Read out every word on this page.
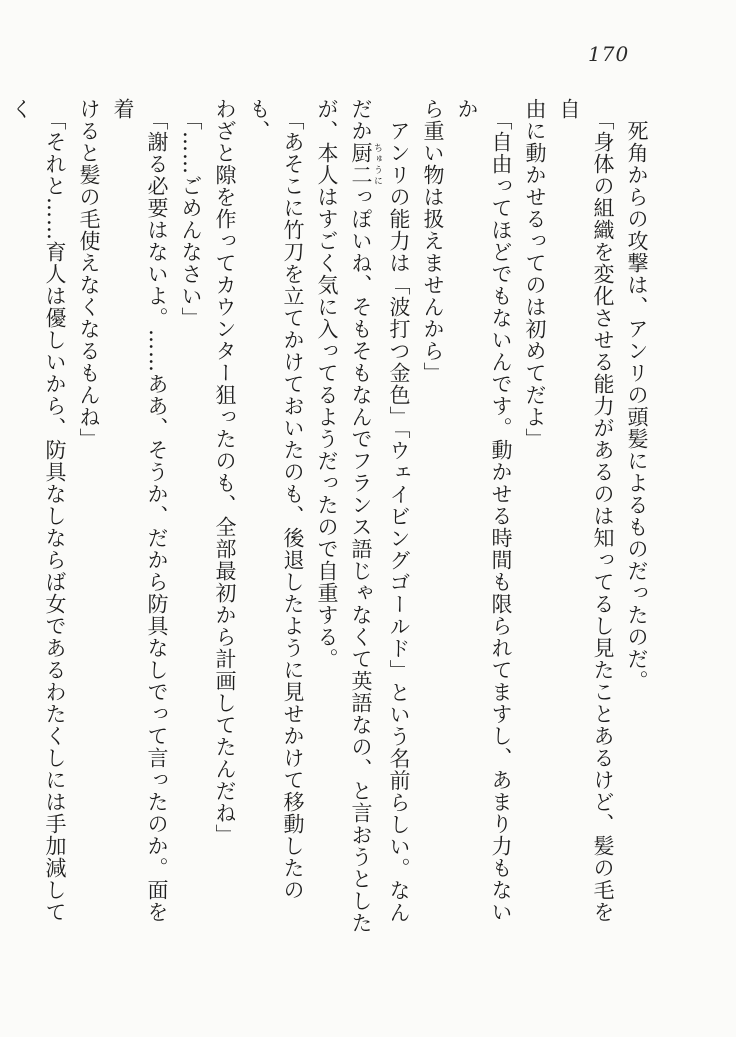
170

死角からの攻撃は、アンリの頭髪によるものだったのだ。

「身体の組織を変化させる能力があるのは知ってるし見たことあるけど、髪の毛を自

由に動かせるってのは初めてだよ」

「自由ってほどでもないんです。動かせる時間も限られてますし、あまり力もないか

ら重い物は扱えませんから」

アンリの能力は「波打つ金色」「ウェイビングゴールド」という名前らしい。なん

だか厨二 ちゅうにっぽいね、そもそもなんでフランス語じゃなくて英語なの、と言おうとした

が、本人はすごく気に入ってるようだったので自重する。

「あそこに竹刀を立てかけておいたのも、後退したように見せかけて移動したのも、

わざと隙を作ってカウンター狙ったのも、全部最初から計画してたんだね」

「……ごめんなさい」

「謝る必要はないよ。……ああ、そうか、だから防具なしでって言ったのか。面を着

けると髪の毛使えなくなるもんね」

「それと……育人は優しいから、防具なしならば女であるわたくしには手加減してく
